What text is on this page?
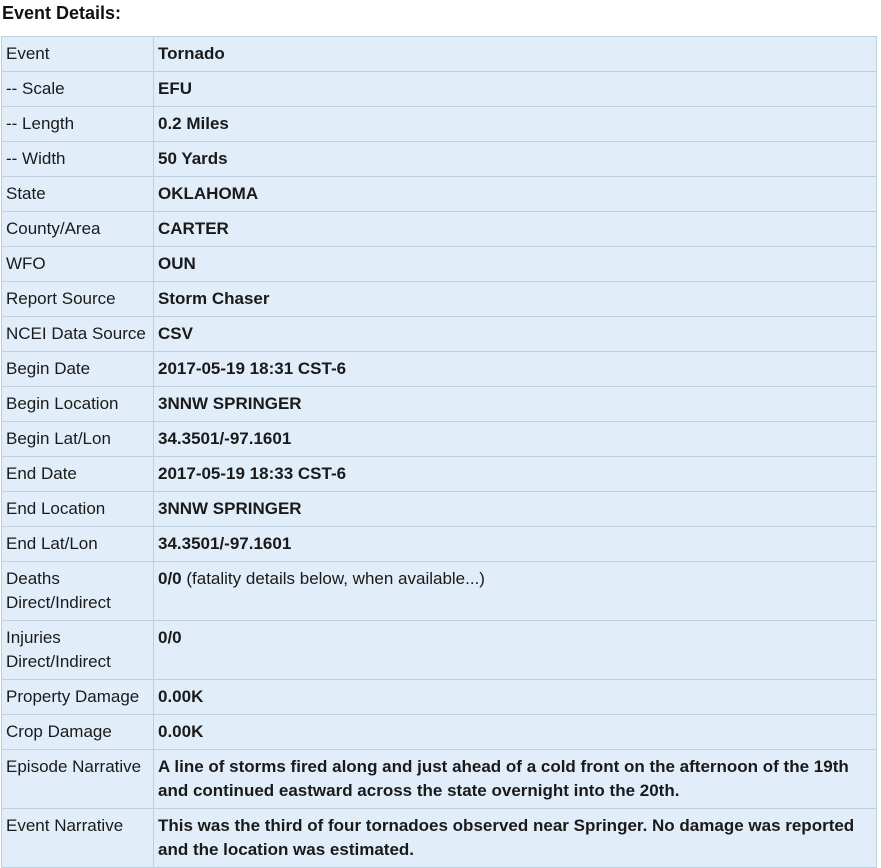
Event Details:
Event	Tornado
-- Scale	EFU
-- Length	0.2 Miles
-- Width	50 Yards
State	OKLAHOMA
County/Area	CARTER
WFO	OUN
Report Source	Storm Chaser
NCEI Data Source	CSV
Begin Date	2017-05-19 18:31 CST-6
Begin Location	3NNW SPRINGER
Begin Lat/Lon	34.3501/-97.1601
End Date	2017-05-19 18:33 CST-6
End Location	3NNW SPRINGER
End Lat/Lon	34.3501/-97.1601
Deaths Direct/Indirect	0/0 (fatality details below, when available...)
Injuries Direct/Indirect	0/0
Property Damage	0.00K
Crop Damage	0.00K
Episode Narrative	A line of storms fired along and just ahead of a cold front on the afternoon of the 19th and continued eastward across the state overnight into the 20th.
Event Narrative	This was the third of four tornadoes observed near Springer. No damage was reported and the location was estimated.
